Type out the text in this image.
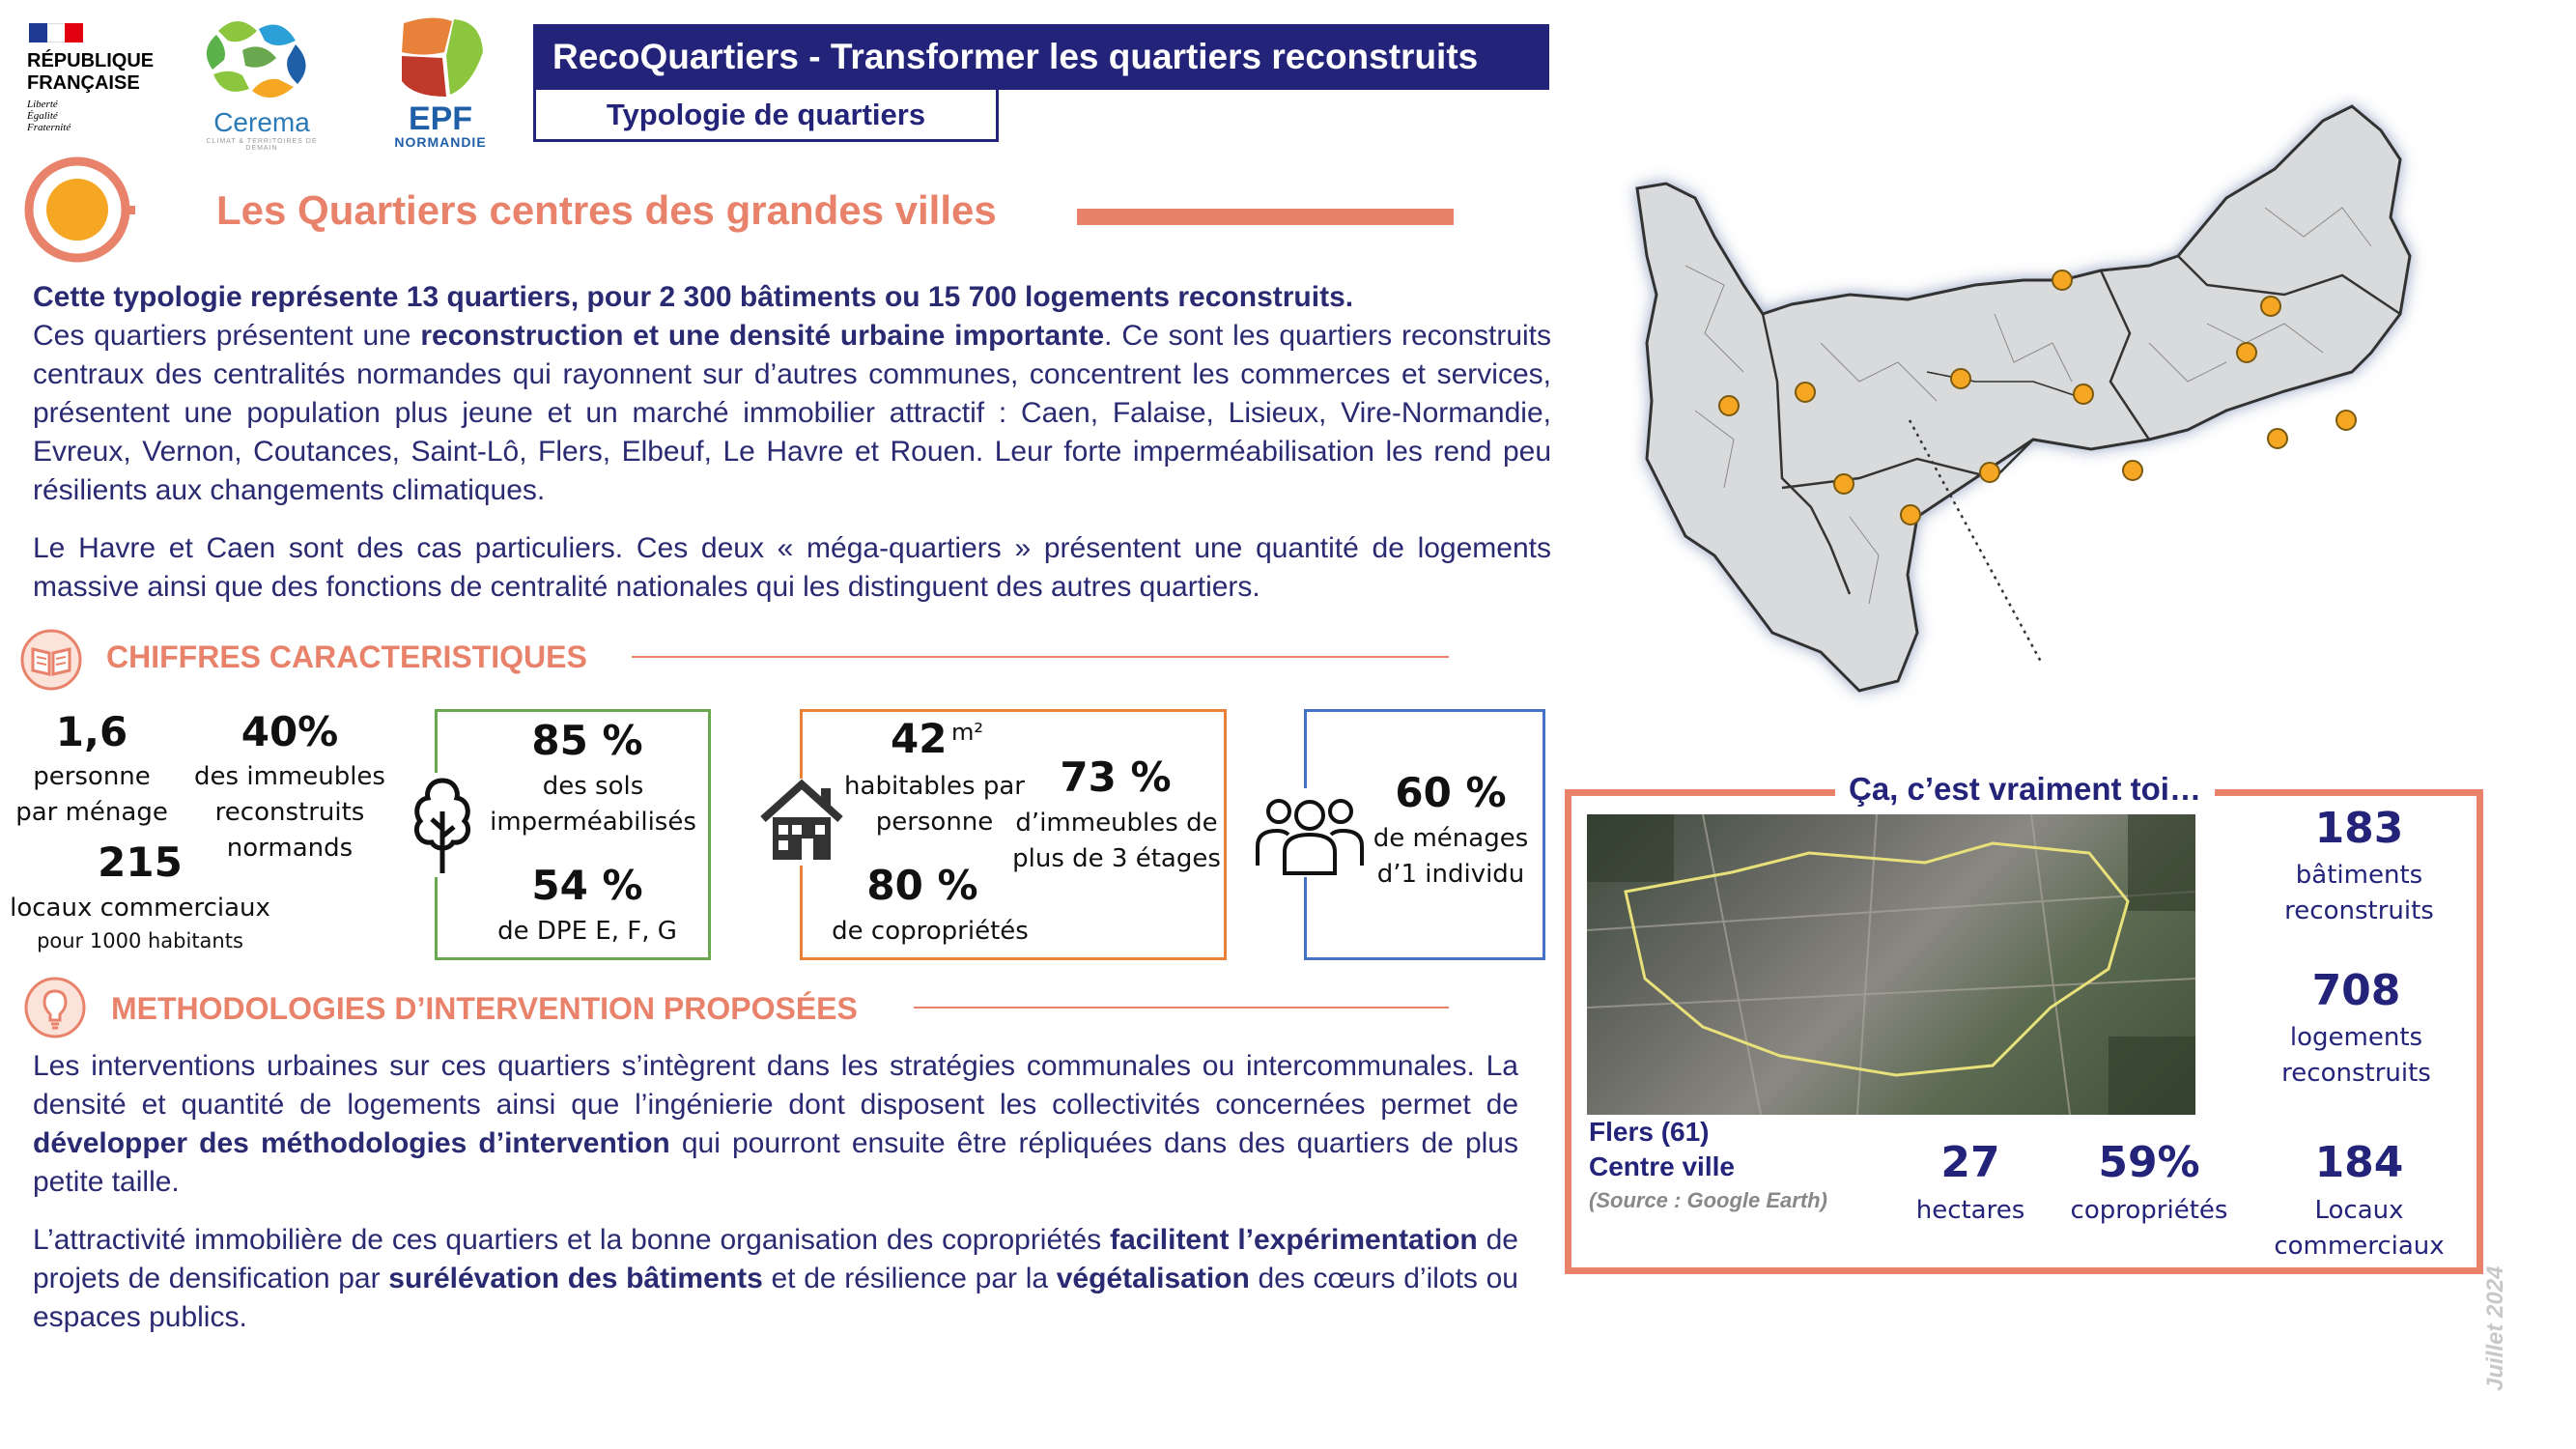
RÉPUBLIQUE
FRANÇAISE
Liberté
Égalité
Fraternité	Cerema
CLIMAT & TERRITOIRES DE DEMAIN
EPF
NORMANDIE
RecoQuartiers - Transformer les quartiers reconstruits
Typologie de quartiers
Les Quartiers centres des grandes villes
Cette typologie représente 13 quartiers, pour 2 300 bâtiments ou 15 700 logements reconstruits.
Ces quartiers présentent une reconstruction et une densité urbaine importante. Ce sont les quartiers reconstruits centraux des centralités normandes qui rayonnent sur d’autres communes, concentrent les commerces et services, présentent une population plus jeune et un marché immobilier attractif : Caen, Falaise, Lisieux, Vire-Normandie, Evreux, Vernon, Coutances, Saint-Lô, Flers, Elbeuf, Le Havre et Rouen. Leur forte imperméabilisation les rend peu résilients aux changements climatiques.
Le Havre et Caen sont des cas particuliers. Ces deux « méga-quartiers » présentent une quantité de logements massive ainsi que des fonctions de centralité nationales qui les distinguent des autres quartiers.
CHIFFRES CARACTERISTIQUES
1,6
personne
par ménage
40%
des immeubles
reconstruits
normands
215
locaux commerciaux
pour 1000 habitants
85 %
des sols
imperméabilisés
54 %
de DPE E, F, G
42 m²
habitables par
personne
73 %
d’immeubles de
plus de 3 étages
80 %
de copropriétés
60 %
de ménages
d’1 individu
METHODOLOGIES D’INTERVENTION PROPOSÉES
Les interventions urbaines sur ces quartiers s’intègrent dans les stratégies communales ou intercommunales. La densité et quantité de logements ainsi que l’ingénierie dont disposent les collectivités concernées permet de développer des méthodologies d’intervention qui pourront ensuite être répliquées dans des quartiers de plus petite taille.
L’attractivité immobilière de ces quartiers et la bonne organisation des copropriétés facilitent l’expérimentation de projets de densification par surélévation des bâtiments et de résilience par la végétalisation des cœurs d’ilots ou espaces publics.
Ça, c’est vraiment toi…
Flers (61)
Centre ville
(Source : Google Earth)
183
bâtiments
reconstruits
708
logements
reconstruits
184
Locaux
commerciaux
27
hectares
59%
copropriétés
Juillet 2024
